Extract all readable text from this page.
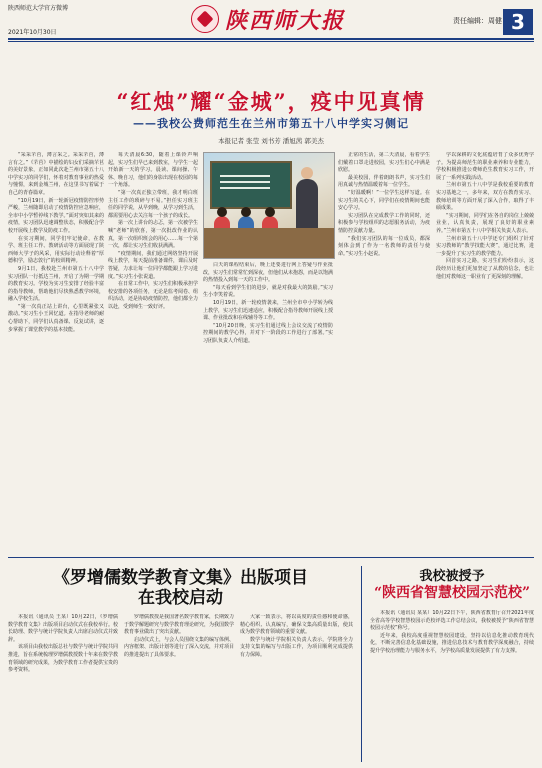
陕西师范大学官方微博
2021年10月30日	陕西师大报	责任编辑：周健 3
“红烛”耀“金城”，疫中见真情
——我校公费师范生在兰州市第五十八中学实习侧记
本报记者 张莹 刘书芳 潘旭茜 郭美杰

“采采芣苢，薄言采之。采采芣苢，薄言有之。”《芣苢》中描绘的妇女们采摘芣苢的美好景象，正如同此次赴兰州市第五十八中学实习的同学们，怀着对教育事业的热爱与憧憬，来到金城兰州，在这里书写着属于自己的青春篇章。

“10月19日，新一轮新冠疫情防控形势严峻，兰州随即启动了疫情防控应急响应，全市中小学暂停线下教学。”面对突如其来的疫情，实习团队迅速调整状态，积极配合学校开展线上教学及防疫工作。

在实习期间，同学们牢记使命，在教学、班主任工作、教研活动等方面展现了陕西师大学子的风采，用实际行动诠释着“厚德积学，励志敦行”的校训精神。

9月1日，我校赴兰州市第五十八中学实习团队一行抵达兰州，开启了为期一学期的教育实习。学校为实习生安排了经验丰富的指导教师，帮助他们尽快熟悉教学环境，融入学校生活。

“第一次真正站上讲台，心里既紧张又激动。”实习生小王回忆道。在指导老师的耐心帮助下，同学们认真备课、反复试讲，逐步掌握了课堂教学的基本技能。

每天清晨6:30，随着上课铃声响起，实习生们早已来到教室，与学生一起开始新一天的学习。晨读、课间操、午休、晚自习，他们的身影出现在校园的每一个角落。

“第一次真正独立带班，我才明白班主任工作的琐碎与不易。”担任实习班主任的同学说，从早到晚，从学习到生活，都需要用心去关注每一个孩子的成长。

第一次上讲台的忐忑，第一次被学生喊“老师”的欣喜，第一次批改作业的认真，第一次组织班会的用心……每一个第一次，都让实习生们收获满满。

“疫情期间，我们通过网络坚持开展线上教学，每天提前准备课件，课后及时答疑，力求让每一位同学都能跟上学习进度。”实习生小张说道。

在日常工作中，实习生们积极承担学校安排的各项任务，无论是监考阅卷、组织活动，还是协助疫情防控，他们都全力以赴，受到师生一致好评。

白天的课程结束后，晚上还要进行网上答疑与作业批改，实习生们常常忙到深夜，但他们从未抱怨，而是以饱满的热情投入到每一天的工作中。

“每天看到学生们的进步，就是对我最大的鼓励。”实习生小李笑着说。

10月19日，新一轮疫情袭来，兰州全市中小学转为线上教学，实习生们迅速适应，积极配合指导教师开展线上授课、作业批改和在线辅导等工作。

“10月20日晚，实习生们通过线上会议交流了疫情防控期间的教学心得，并对下一阶段的工作进行了部署。”实习团队负责人介绍道。

正常的生活，第二天清晨，看着学生们戴着口罩走进校园，实习生们心中满是欣慰。

最美校园，伴着朗朗书声，实习生们用真诚与热情温暖着每一位学生。

“好温暖啊！”一位学生这样写道。在实习生的关心下，同学们在疫情期间也能安心学习。

实习团队在完成教学工作的同时，还积极参与学校组织的志愿服务活动，为疫情防控贡献力量。

“我们实习团队的每一位成员，都深刻体会到了作为一名教师的责任与使命。”实习生小赵说。

学以深耕的文化底蕴培育了众多优秀学子。为提高师范生的职业素养和专业能力，学校积极推进公费师范生教育实习工作，开展了一系列实践活动。

兰州市第五十八中学是我校重要的教育实习基地之一，多年来，双方在教育实习、教师培训等方面开展了深入合作，取得了丰硕成果。

“实习期间，同学们在各自的岗位上兢兢业业，认真负责，展现了良好的职业素养。”兰州市第五十八中学相关负责人表示。

兰州市第五十八中学还专门组织了针对实习教师的“教学技能大赛”，通过比赛，进一步提升了实习生的教学能力。

回首实习之路，实习生们纷纷表示，这段经历让他们更加坚定了从教的信念，也让他们对教师这一职业有了更深刻的理解。

《罗增儒数学教育文集》出版项目
在我校启动

本报讯（通讯员 王某）10月22日，《罗增儒数学教育文集》出版项目启动仪式在我校举行。校长助理、数学与统计学院负责人出席启动仪式并致辞。

该项目由我校出版总社与数学与统计学院共同推进，旨在系统梳理罗增儒教授数十年来在数学教育领域的研究成果，为数学教育工作者提供宝贵的参考资料。

罗增儒教授是我国著名数学教育家，长期致力于数学解题研究与数学教育理论研究，为我国数学教育事业做出了突出贡献。

启动仪式上，与会人员围绕文集的编写体例、内容框架、出版计划等进行了深入交流，并对项目的推进提出了具体要求。

大家一致表示，将以高度的责任感和使命感，精心组织、认真编写，确保文集高质量出版，使其成为数学教育领域的重要文献。

数学与统计学院相关负责人表示，学院将全力支持文集的编写与出版工作，为项目顺利完成提供有力保障。

我校被授予
“陕西省智慧校园示范校”

本报讯（通讯员 某某）10月22日下午，陕西省教育厅召开2021年度全省高等学校智慧校园示范校评选工作总结会议，我校被授予“陕西省智慧校园示范校”称号。

近年来，我校高度重视智慧校园建设，坚持以信息化推动教育现代化，不断完善信息化基础设施，推进信息技术与教育教学深度融合，持续提升学校治理能力与服务水平，为学校高质量发展提供了有力支撑。
